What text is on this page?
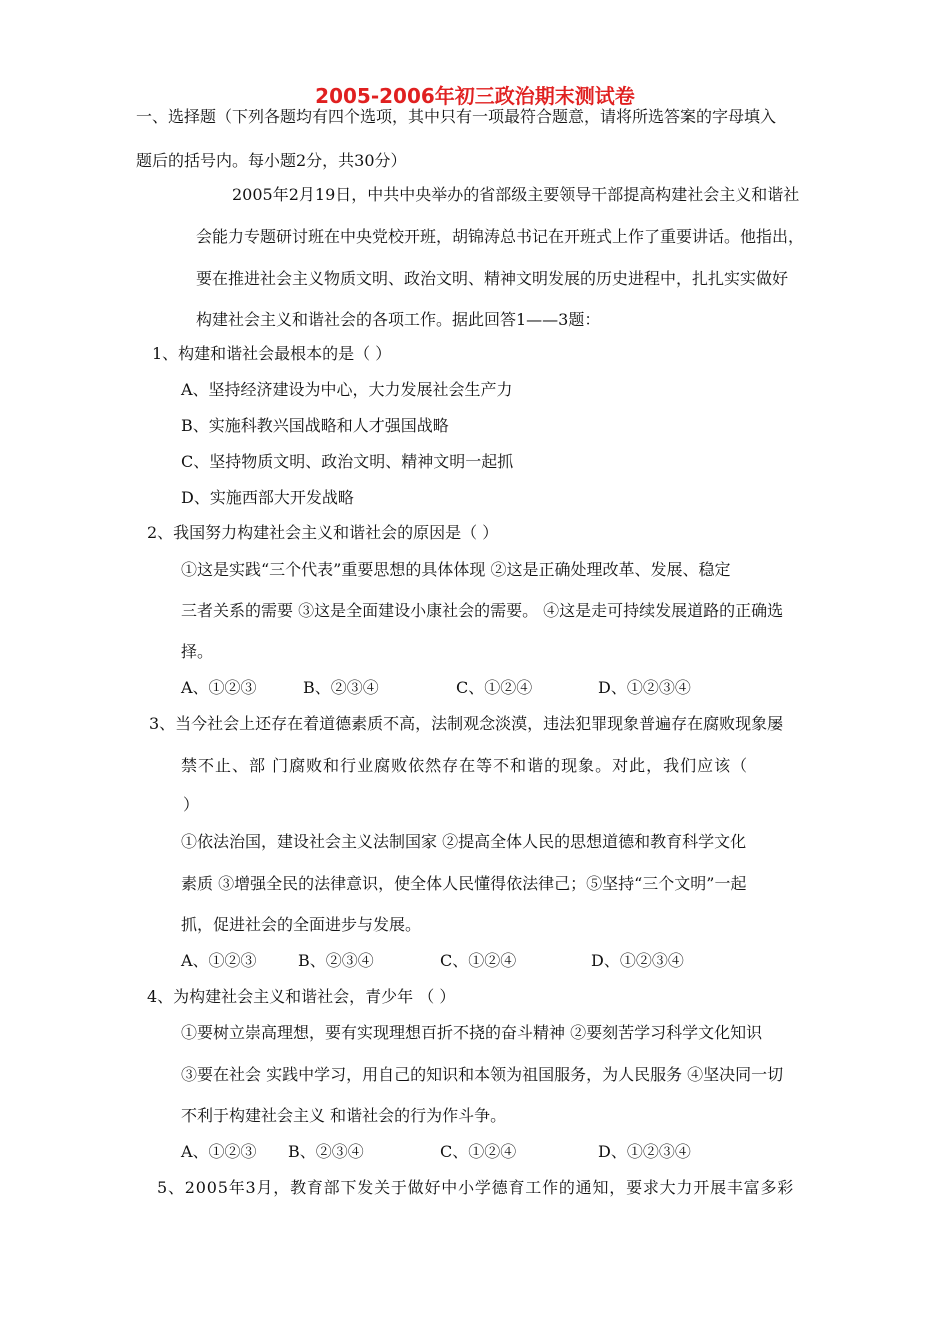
2005-2006年初三政治期末测试卷
一、选择题（下列各题均有四个选项，其中只有一项最符合题意，请将所选答案的字母填入
题后的括号内。每小题2分，共30分）
2005年2月19日，中共中央举办的省部级主要领导干部提高构建社会主义和谐社
会能力专题研讨班在中央党校开班，胡锦涛总书记在开班式上作了重要讲话。他指出，
要在推进社会主义物质文明、政治文明、精神文明发展的历史进程中，扎扎实实做好
构建社会主义和谐社会的各项工作。据此回答1——3题：
1、构建和谐社会最根本的是（ ）
A、坚持经济建设为中心，大力发展社会生产力
B、实施科教兴国战略和人才强国战略
C、坚持物质文明、政治文明、精神文明一起抓
D、实施西部大开发战略
2、我国努力构建社会主义和谐社会的原因是（ ）
①这是实践“三个代表”重要思想的具体体现 ②这是正确处理改革、发展、稳定
三者关系的需要 ③这是全面建设小康社会的需要。 ④这是走可持续发展道路的正确选
择。
A、①②③	B、②③④	C、①②④	D、①②③④
3、当今社会上还存在着道德素质不高，法制观念淡漠，违法犯罪现象普遍存在腐败现象屡
禁不止、部 门腐败和行业腐败依然存在等不和谐的现象。对此，我们应该（
）
①依法治国，建设社会主义法制国家 ②提高全体人民的思想道德和教育科学文化
素质 ③增强全民的法律意识，使全体人民懂得依法律己；⑤坚持“三个文明”一起
抓，促进社会的全面进步与发展。
A、①②③	B、②③④	C、①②④	D、①②③④
4、为构建社会主义和谐社会，青少年 （ ）
①要树立崇高理想，要有实现理想百折不挠的奋斗精神 ②要刻苦学习科学文化知识
③要在社会 实践中学习，用自己的知识和本领为祖国服务，为人民服务 ④坚决同一切
不利于构建社会主义 和谐社会的行为作斗争。
A、①②③ B、②③④	C、①②④	D、①②③④
5、2005年3月，教育部下发关于做好中小学德育工作的通知，要求大力开展丰富多彩
